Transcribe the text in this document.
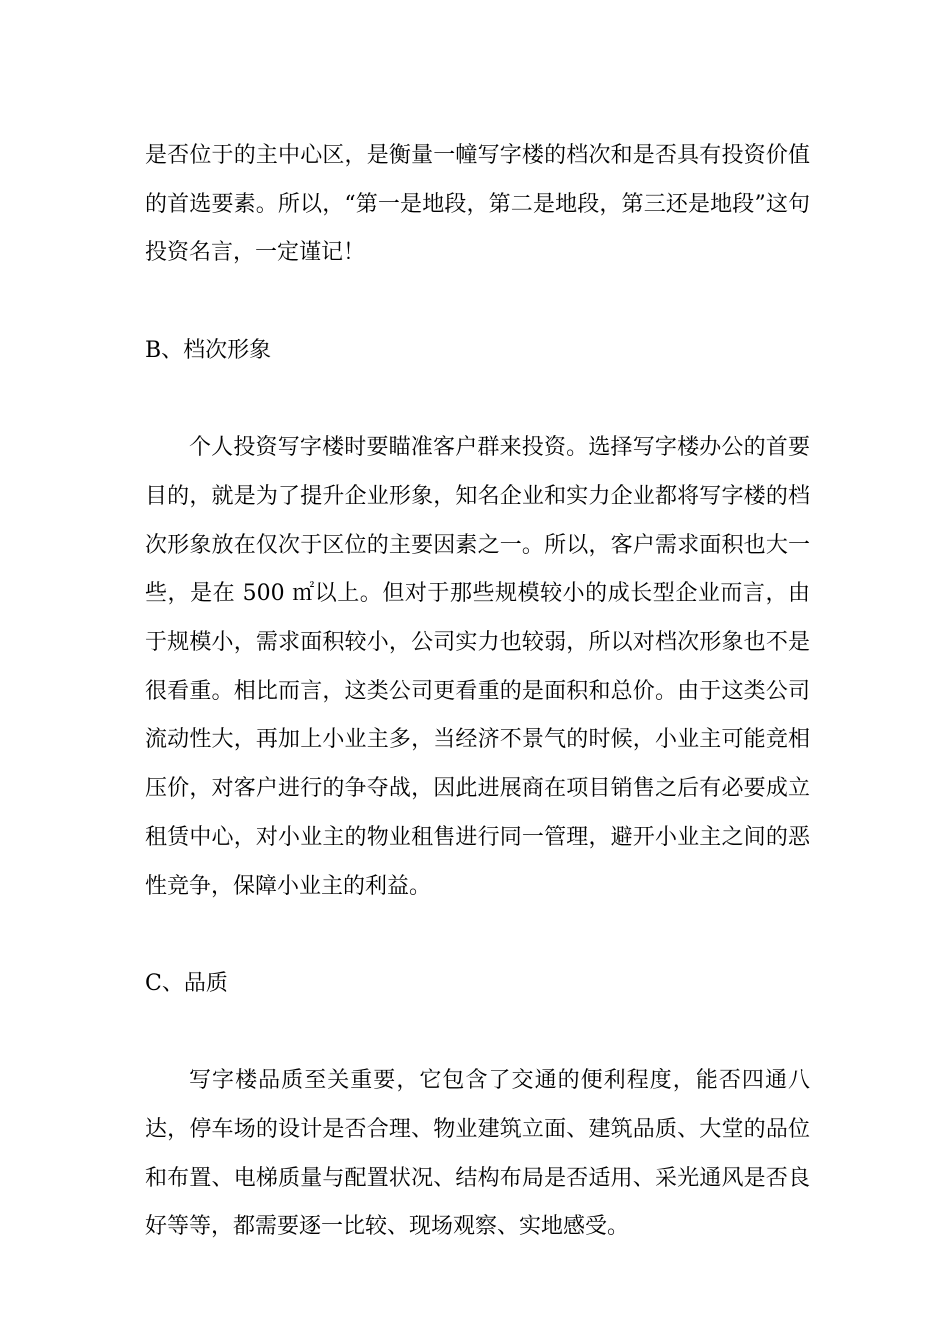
是否位于的主中心区，是衡量一幢写字楼的档次和是否具有投资价值的首选要素。所以，“第一是地段，第二是地段，第三还是地段”这句投资名言，一定谨记！

B、档次形象

个人投资写字楼时要瞄准客户群来投资。选择写字楼办公的首要目的，就是为了提升企业形象，知名企业和实力企业都将写字楼的档次形象放在仅次于区位的主要因素之一。所以，客户需求面积也大一些，是在 500 ㎡以上。但对于那些规模较小的成长型企业而言，由于规模小，需求面积较小，公司实力也较弱，所以对档次形象也不是很看重。相比而言，这类公司更看重的是面积和总价。由于这类公司流动性大，再加上小业主多，当经济不景气的时候，小业主可能竞相压价，对客户进行的争夺战，因此进展商在项目销售之后有必要成立租赁中心，对小业主的物业租售进行同一管理，避开小业主之间的恶性竞争，保障小业主的利益。

C、品质

写字楼品质至关重要，它包含了交通的便利程度，能否四通八达，停车场的设计是否合理、物业建筑立面、建筑品质、大堂的品位和布置、电梯质量与配置状况、结构布局是否适用、采光通风是否良好等等，都需要逐一比较、现场观察、实地感受。
